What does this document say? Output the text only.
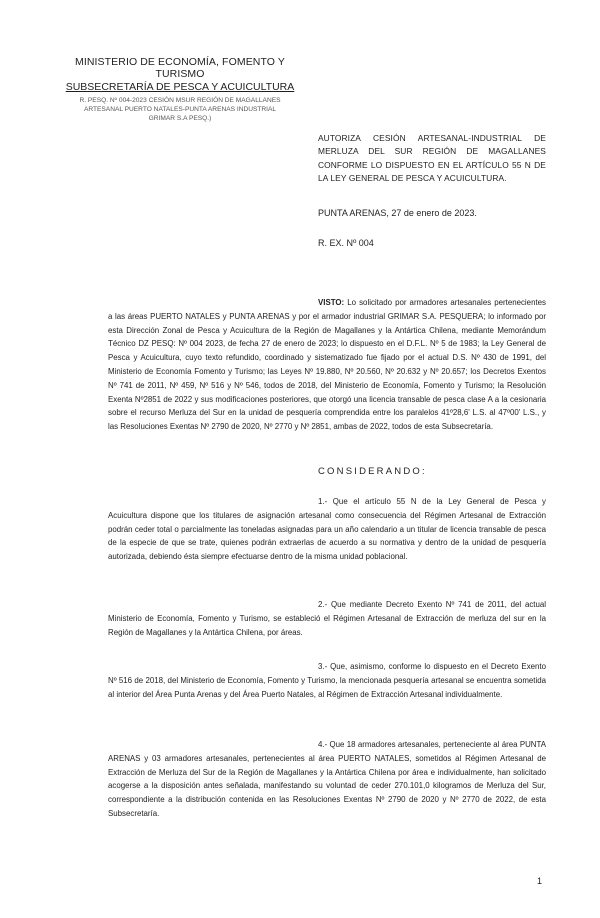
MINISTERIO DE ECONOMÍA, FOMENTO Y TURISMO
SUBSECRETARÍA DE PESCA Y ACUICULTURA
R. PESQ. Nº 004-2023 CESIÓN MSUR REGIÓN DE MAGALLANES
ARTESANAL PUERTO NATALES-PUNTA ARENAS INDUSTRIAL
GRIMAR S.A PESQ.)
AUTORIZA CESIÓN ARTESANAL-INDUSTRIAL DE MERLUZA DEL SUR REGIÓN DE MAGALLANES CONFORME LO DISPUESTO EN EL ARTÍCULO 55 N DE LA LEY GENERAL DE PESCA Y ACUICULTURA.
PUNTA ARENAS, 27 de enero de 2023.
R. EX. Nº 004
VISTO: Lo solicitado por armadores artesanales pertenecientes a las áreas PUERTO NATALES y PUNTA ARENAS y por el armador industrial GRIMAR S.A. PESQUERA; lo informado por esta Dirección Zonal de Pesca y Acuicultura de la Región de Magallanes y la Antártica Chilena, mediante Memorándum Técnico DZ PESQ: Nº 004 2023, de fecha 27 de enero de 2023; lo dispuesto en el D.F.L. Nº 5 de 1983; la Ley General de Pesca y Acuicultura, cuyo texto refundido, coordinado y sistematizado fue fijado por el actual D.S. Nº 430 de 1991, del Ministerio de Economía Fomento y Turismo; las Leyes Nº 19.880, Nº 20.560, Nº 20.632 y Nº 20.657; los Decretos Exentos Nº 741 de 2011, Nº 459, Nº 516 y Nº 546, todos de 2018, del Ministerio de Economía, Fomento y Turismo; la Resolución Exenta Nº2851 de 2022 y sus modificaciones posteriores, que otorgó una licencia transable de pesca clase A a la cesionaria sobre el recurso Merluza del Sur en la unidad de pesquería comprendida entre los paralelos 41º28,6' L.S. al 47º00' L.S., y las Resoluciones Exentas Nº 2790 de 2020, Nº 2770 y Nº 2851, ambas de 2022, todos de esta Subsecretaría.
CONSIDERANDO:
1.- Que el artículo 55 N de la Ley General de Pesca y Acuicultura dispone que los titulares de asignación artesanal como consecuencia del Régimen Artesanal de Extracción podrán ceder total o parcialmente las toneladas asignadas para un año calendario a un titular de licencia transable de pesca de la especie de que se trate, quienes podrán extraerlas de acuerdo a su normativa y dentro de la unidad de pesquería autorizada, debiendo ésta siempre efectuarse dentro de la misma unidad poblacional.
2.- Que mediante Decreto Exento Nº 741 de 2011, del actual Ministerio de Economía, Fomento y Turismo, se estableció el Régimen Artesanal de Extracción de merluza del sur en la Región de Magallanes y la Antártica Chilena, por áreas.
3.- Que, asimismo, conforme lo dispuesto en el Decreto Exento Nº 516 de 2018, del Ministerio de Economía, Fomento y Turismo, la mencionada pesquería artesanal se encuentra sometida al interior del Área Punta Arenas y del Área Puerto Natales, al Régimen de Extracción Artesanal individualmente.
4.- Que 18 armadores artesanales, perteneciente al área PUNTA ARENAS y 03 armadores artesanales, pertenecientes al área PUERTO NATALES, sometidos al Régimen Artesanal de Extracción de Merluza del Sur de la Región de Magallanes y la Antártica Chilena por área e individualmente, han solicitado acogerse a la disposición antes señalada, manifestando su voluntad de ceder 270.101,0 kilogramos de Merluza del Sur, correspondiente a la distribución contenida en las Resoluciones Exentas Nº 2790 de 2020 y Nº 2770 de 2022, de esta Subsecretaría.
1
